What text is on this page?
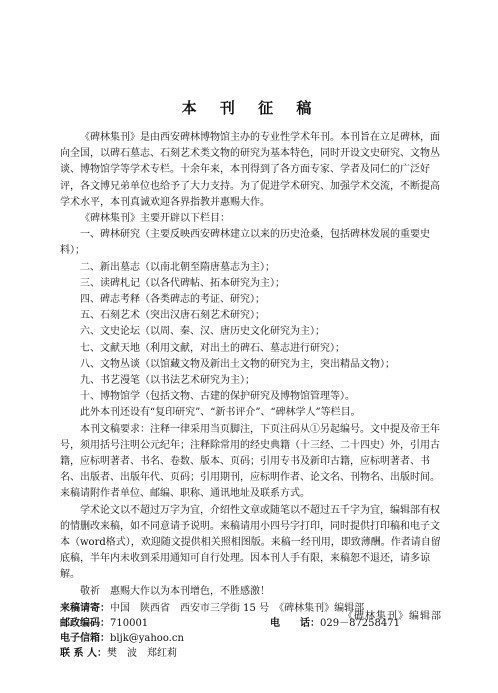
本 刊 征 稿

《碑林集刊》是由西安碑林博物馆主办的专业性学术年刊。本刊旨在立足碑林，面向全国，以碑石墓志、石刻艺术类文物的研究为基本特色，同时开设文史研究、文物丛谈、博物馆学等学术专栏。十余年来，本刊得到了各方面专家、学者及同仁的广泛好评，各文博兄弟单位也给予了大力支持。为了促进学术研究、加强学术交流，不断提高学术水平，本刊真诚欢迎各界指教并惠赐大作。

《碑林集刊》主要开辟以下栏目：

一、碑林研究（主要反映西安碑林建立以来的历史沧桑，包括碑林发展的重要史料）；

二、新出墓志（以南北朝至隋唐墓志为主）；

三、读碑札记（以各代碑帖、拓本研究为主）；

四、碑志考释（各类碑志的考证、研究）；

五、石刻艺术（突出汉唐石刻艺术研究）；

六、文史论坛（以周、秦、汉、唐历史文化研究为主）；

七、文献天地（利用文献，对出土的碑石、墓志进行研究）；

八、文物丛谈（以馆藏文物及新出土文物的研究为主，突出精品文物）；

九、书艺漫笔（以书法艺术研究为主）；

十、博物馆学（包括文物、古建的保护研究及博物馆管理等）。

此外本刊还设有“复印研究”、“新书评介”、“碑林学人”等栏目。

本刊文稿要求：注释一律采用当页脚注，下页注码从①另起编号。文中提及帝王年号，须用括号注明公元纪年；注释除常用的经史典籍（十三经、二十四史）外，引用古籍，应标明著者、书名、卷数、版本、页码；引用专书及新印古籍，应标明著者、书名、出版者、出版年代、页码；引用期刊，应标明作者、论文名、刊物名、出版时间。来稿请附作者单位、邮编、职称、通讯地址及联系方式。

学术论文以不超过万字为宜，介绍性文章或随笔以不超过五千字为宜，编辑部有权的情删改来稿，如不同意请予说明。来稿请用小四号字打印，同时提供打印稿和电子文本（word格式），欢迎随文提供相关照相图版。来稿一经刊用，即致薄酬。作者请自留底稿，半年内未收到采用通知可自行处理。因本刊人手有限，来稿恕不退还，请多谅解。

敬祈　惠赐大作以为本刊增色，不胜感激！

来稿请寄：中国　陕西省　西安市三学街 15 号　《碑林集刊》编辑部
邮政编码：710001	电　　话：029－87258471
电子信箱：bljk@yahoo.cn
联 系 人：樊　波　郑红莉
《碑林集刊》编辑部
